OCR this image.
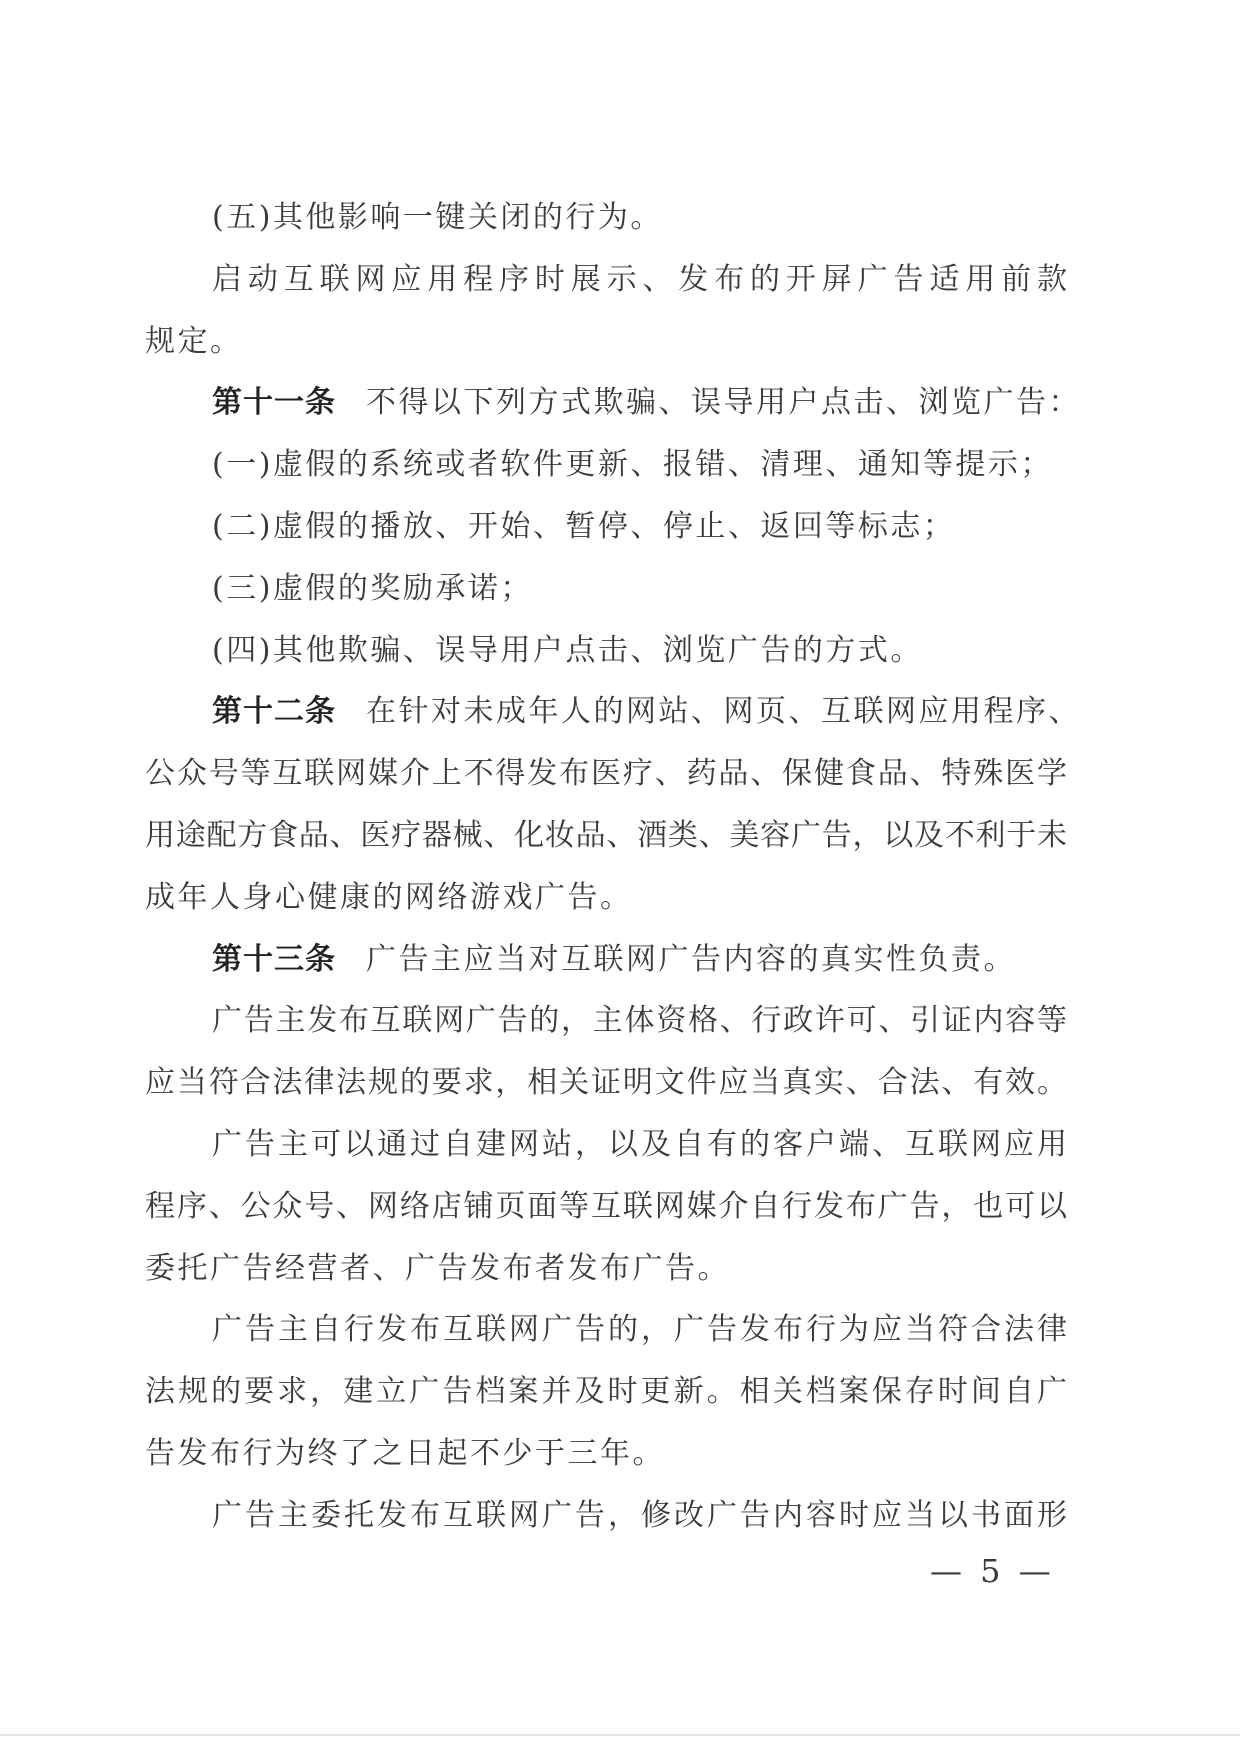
(五)其他影响一键关闭的行为。
启动互联网应用程序时展示、发布的开屏广告适用前款
规定。
第十一条 不得以下列方式欺骗、误导用户点击、浏览广告：
(一)虚假的系统或者软件更新、报错、清理、通知等提示；
(二)虚假的播放、开始、暂停、停止、返回等标志；
(三)虚假的奖励承诺；
(四)其他欺骗、误导用户点击、浏览广告的方式。
第十二条 在针对未成年人的网站、网页、互联网应用程序、
公众号等互联网媒介上不得发布医疗、药品、保健食品、特殊医学
用途配方食品、医疗器械、化妆品、酒类、美容广告，以及不利于未
成年人身心健康的网络游戏广告。
第十三条 广告主应当对互联网广告内容的真实性负责。
广告主发布互联网广告的，主体资格、行政许可、引证内容等
应当符合法律法规的要求，相关证明文件应当真实、合法、有效。
广告主可以通过自建网站，以及自有的客户端、互联网应用
程序、公众号、网络店铺页面等互联网媒介自行发布广告，也可以
委托广告经营者、广告发布者发布广告。
广告主自行发布互联网广告的，广告发布行为应当符合法律
法规的要求，建立广告档案并及时更新。相关档案保存时间自广
告发布行为终了之日起不少于三年。
广告主委托发布互联网广告，修改广告内容时应当以书面形
— 5 —
